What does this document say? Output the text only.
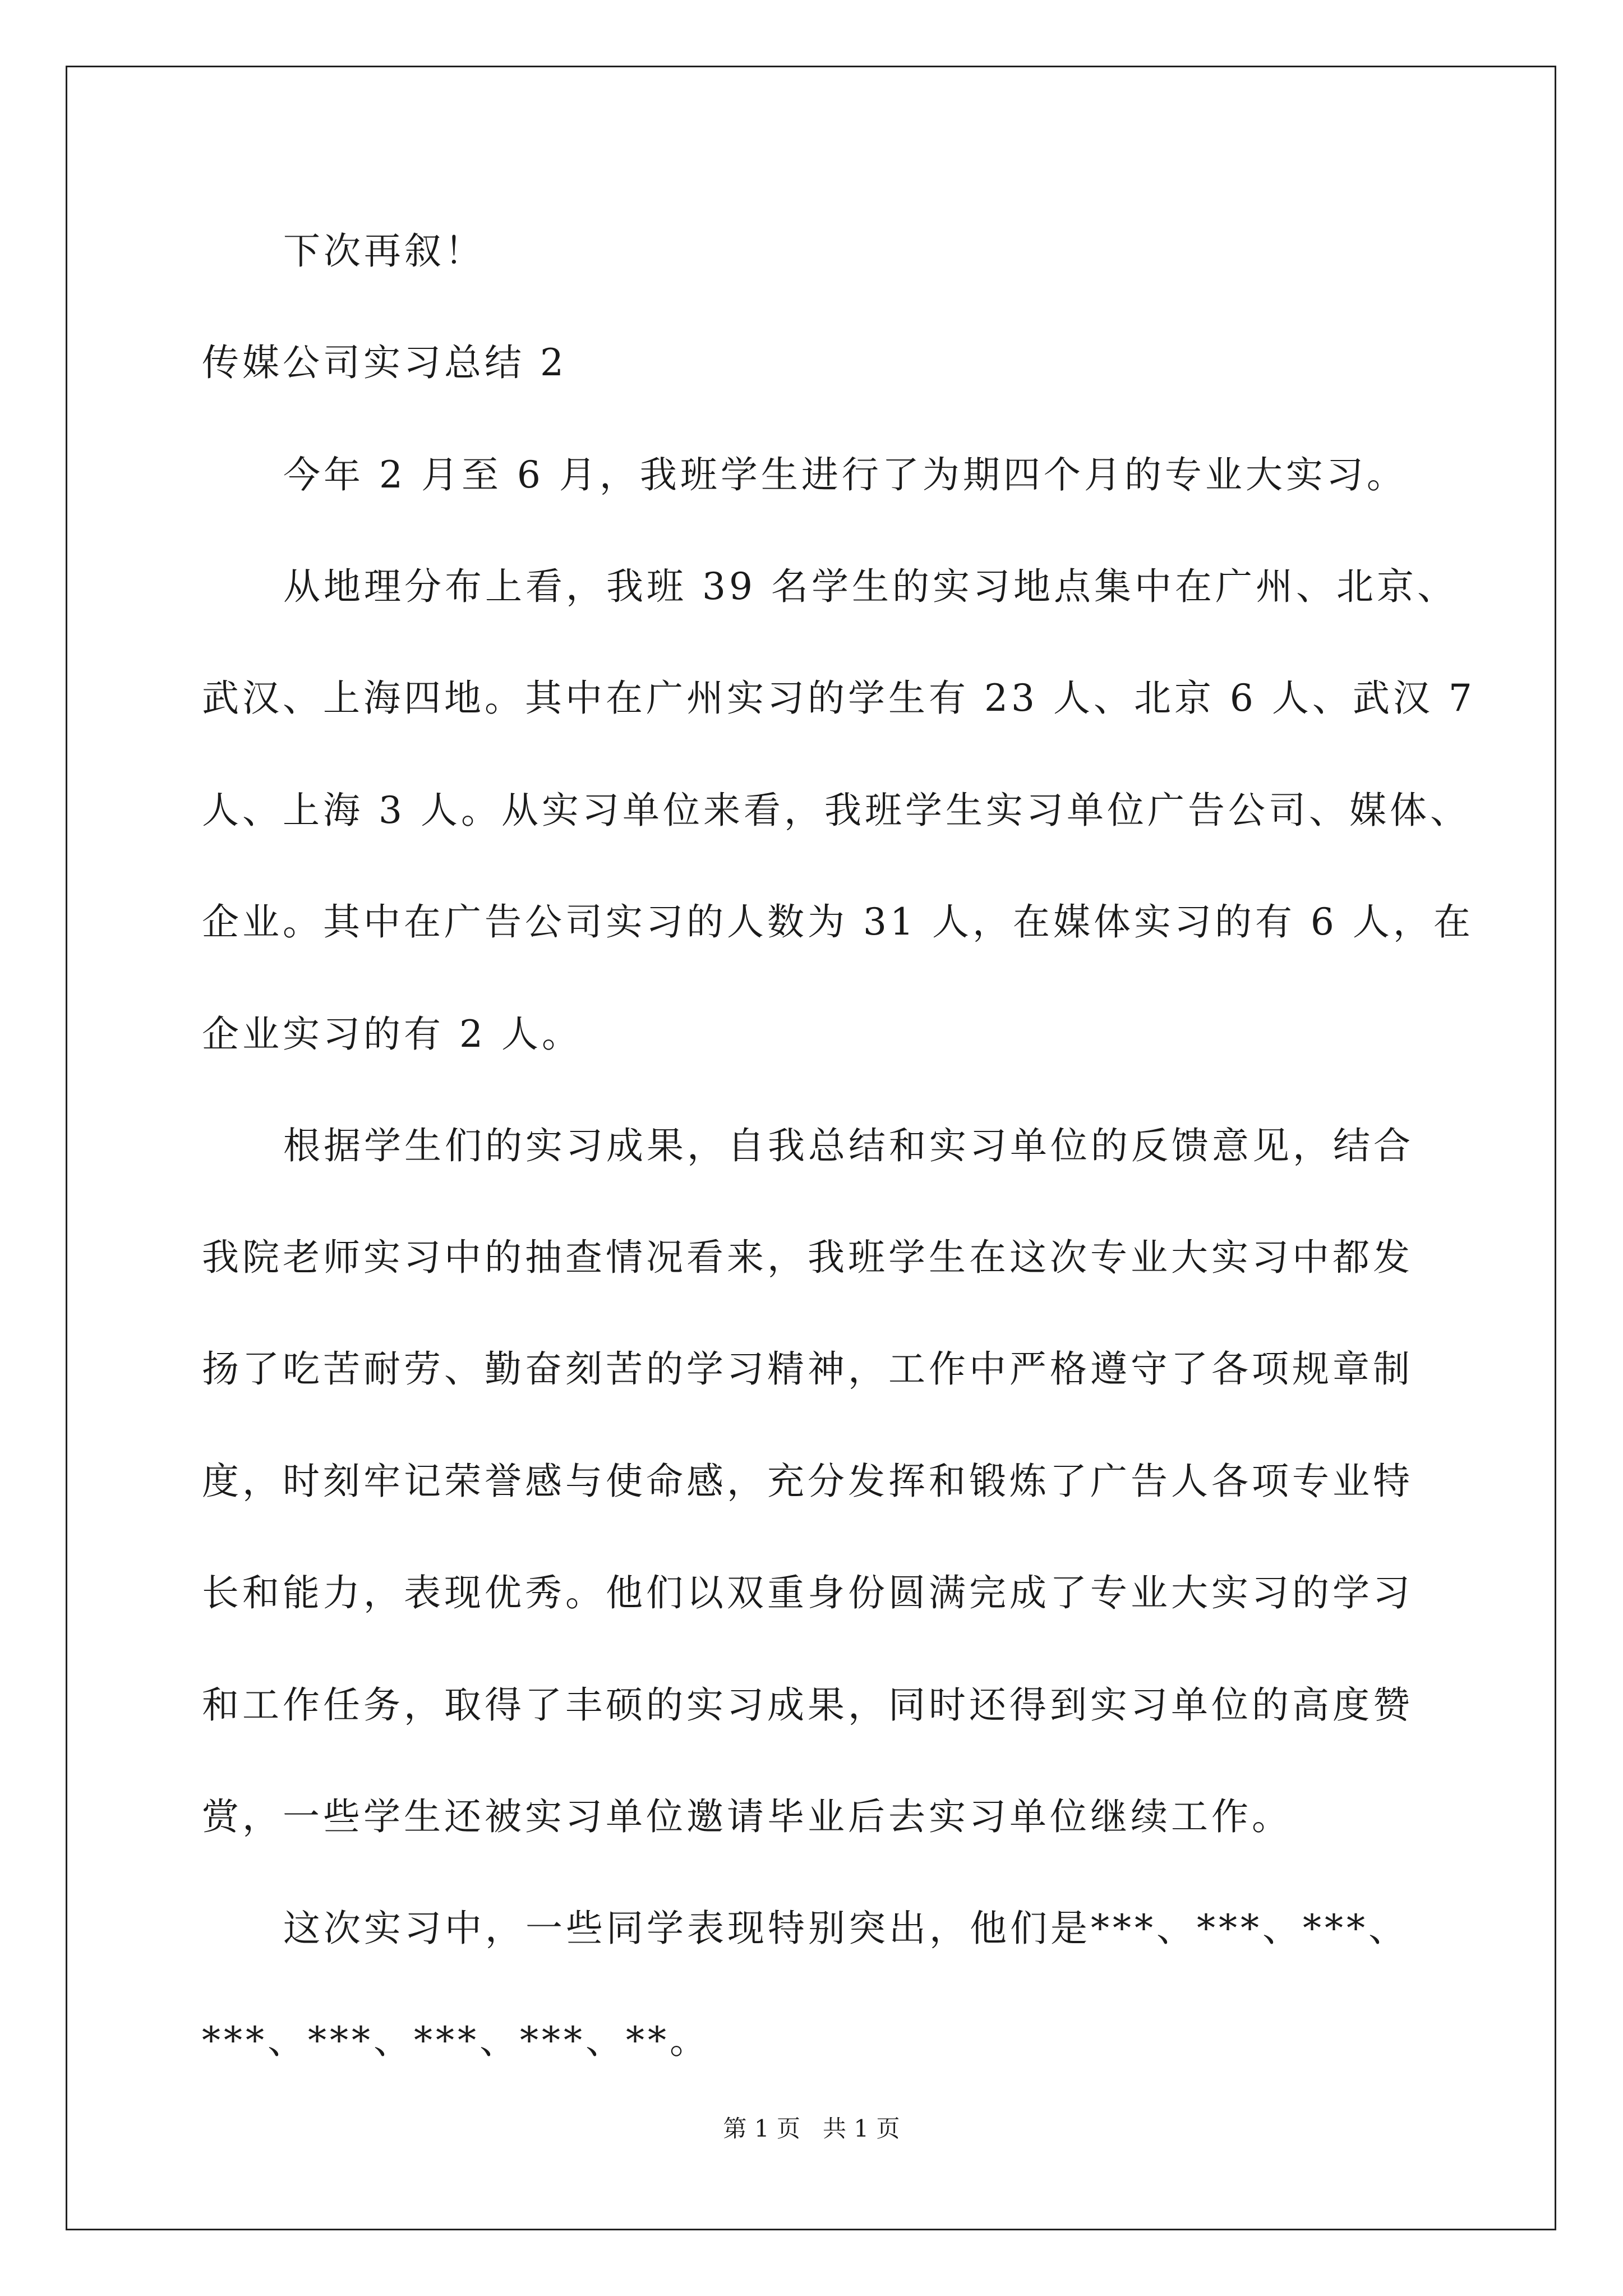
下次再叙！
传媒公司实习总结 2
今年 2 月至 6 月，我班学生进行了为期四个月的专业大实习。
从地理分布上看，我班 39 名学生的实习地点集中在广州、北京、
武汉、上海四地。其中在广州实习的学生有 23 人、北京 6 人、武汉 7
人、上海 3 人。从实习单位来看，我班学生实习单位广告公司、媒体、
企业。其中在广告公司实习的人数为 31 人，在媒体实习的有 6 人，在
企业实习的有 2 人。
根据学生们的实习成果，自我总结和实习单位的反馈意见，结合
我院老师实习中的抽查情况看来，我班学生在这次专业大实习中都发
扬了吃苦耐劳、勤奋刻苦的学习精神，工作中严格遵守了各项规章制
度，时刻牢记荣誉感与使命感，充分发挥和锻炼了广告人各项专业特
长和能力，表现优秀。他们以双重身份圆满完成了专业大实习的学习
和工作任务，取得了丰硕的实习成果，同时还得到实习单位的高度赞
赏，一些学生还被实习单位邀请毕业后去实习单位继续工作。
这次实习中，一些同学表现特别突出，他们是***、***、***、
***、***、***、***、**。
第 1 页   共 1 页
